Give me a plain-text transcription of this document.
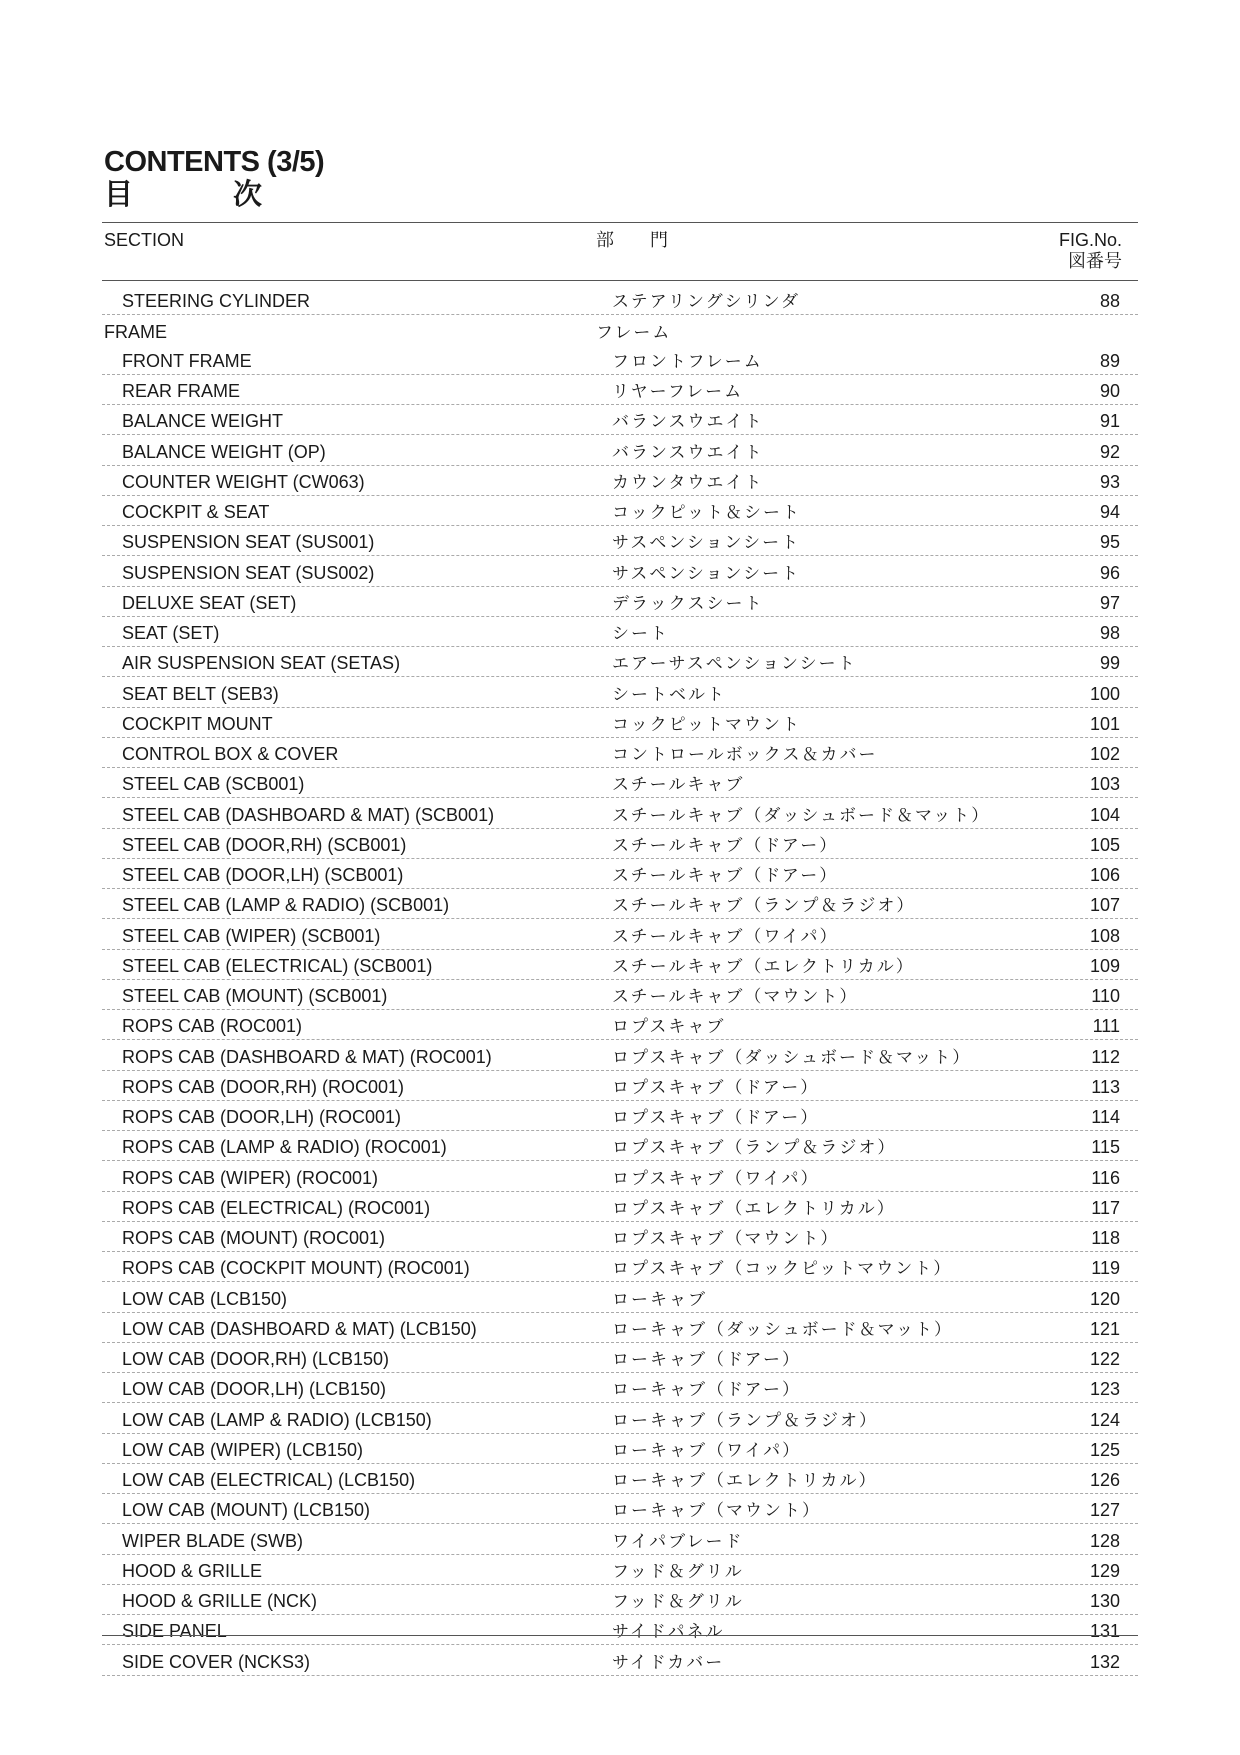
CONTENTS (3/5)
目	次
SECTION	部 門	FIG.No.
図番号
STEERING CYLINDER	ステアリングシリンダ	88
FRAME	フレーム
FRONT FRAME	フロントフレーム	89
REAR FRAME	リヤーフレーム	90
BALANCE WEIGHT	バランスウエイト	91
BALANCE WEIGHT (OP)	バランスウエイト	92
COUNTER WEIGHT (CW063)	カウンタウエイト	93
COCKPIT & SEAT	コックピット＆シート	94
SUSPENSION SEAT (SUS001)	サスペンションシート	95
SUSPENSION SEAT (SUS002)	サスペンションシート	96
DELUXE SEAT (SET)	デラックスシート	97
SEAT (SET)	シート	98
AIR SUSPENSION SEAT (SETAS)	エアーサスペンションシート	99
SEAT BELT (SEB3)	シートベルト	100
COCKPIT MOUNT	コックピットマウント	101
CONTROL BOX & COVER	コントロールボックス＆カバー	102
STEEL CAB (SCB001)	スチールキャブ	103
STEEL CAB (DASHBOARD & MAT) (SCB001)	スチールキャブ（ダッシュボード＆マット）	104
STEEL CAB (DOOR,RH) (SCB001)	スチールキャブ（ドアー）	105
STEEL CAB (DOOR,LH) (SCB001)	スチールキャブ（ドアー）	106
STEEL CAB (LAMP & RADIO) (SCB001)	スチールキャブ（ランプ＆ラジオ）	107
STEEL CAB (WIPER) (SCB001)	スチールキャブ（ワイパ）	108
STEEL CAB (ELECTRICAL) (SCB001)	スチールキャブ（エレクトリカル）	109
STEEL CAB (MOUNT) (SCB001)	スチールキャブ（マウント）	110
ROPS CAB (ROC001)	ロプスキャブ	111
ROPS CAB (DASHBOARD & MAT) (ROC001)	ロプスキャブ（ダッシュボード＆マット）	112
ROPS CAB (DOOR,RH) (ROC001)	ロプスキャブ（ドアー）	113
ROPS CAB (DOOR,LH) (ROC001)	ロプスキャブ（ドアー）	114
ROPS CAB (LAMP & RADIO) (ROC001)	ロプスキャブ（ランプ＆ラジオ）	115
ROPS CAB (WIPER) (ROC001)	ロプスキャブ（ワイパ）	116
ROPS CAB (ELECTRICAL) (ROC001)	ロプスキャブ（エレクトリカル）	117
ROPS CAB (MOUNT) (ROC001)	ロプスキャブ（マウント）	118
ROPS CAB (COCKPIT MOUNT) (ROC001)	ロプスキャブ（コックピットマウント）	119
LOW CAB (LCB150)	ローキャブ	120
LOW CAB (DASHBOARD & MAT) (LCB150)	ローキャブ（ダッシュボード＆マット）	121
LOW CAB (DOOR,RH) (LCB150)	ローキャブ（ドアー）	122
LOW CAB (DOOR,LH) (LCB150)	ローキャブ（ドアー）	123
LOW CAB (LAMP & RADIO) (LCB150)	ローキャブ（ランプ＆ラジオ）	124
LOW CAB (WIPER) (LCB150)	ローキャブ（ワイパ）	125
LOW CAB (ELECTRICAL) (LCB150)	ローキャブ（エレクトリカル）	126
LOW CAB (MOUNT) (LCB150)	ローキャブ（マウント）	127
WIPER BLADE (SWB)	ワイパブレード	128
HOOD & GRILLE	フッド＆グリル	129
HOOD & GRILLE (NCK)	フッド＆グリル	130
SIDE PANEL	サイドパネル	131
SIDE COVER (NCKS3)	サイドカバー	132
